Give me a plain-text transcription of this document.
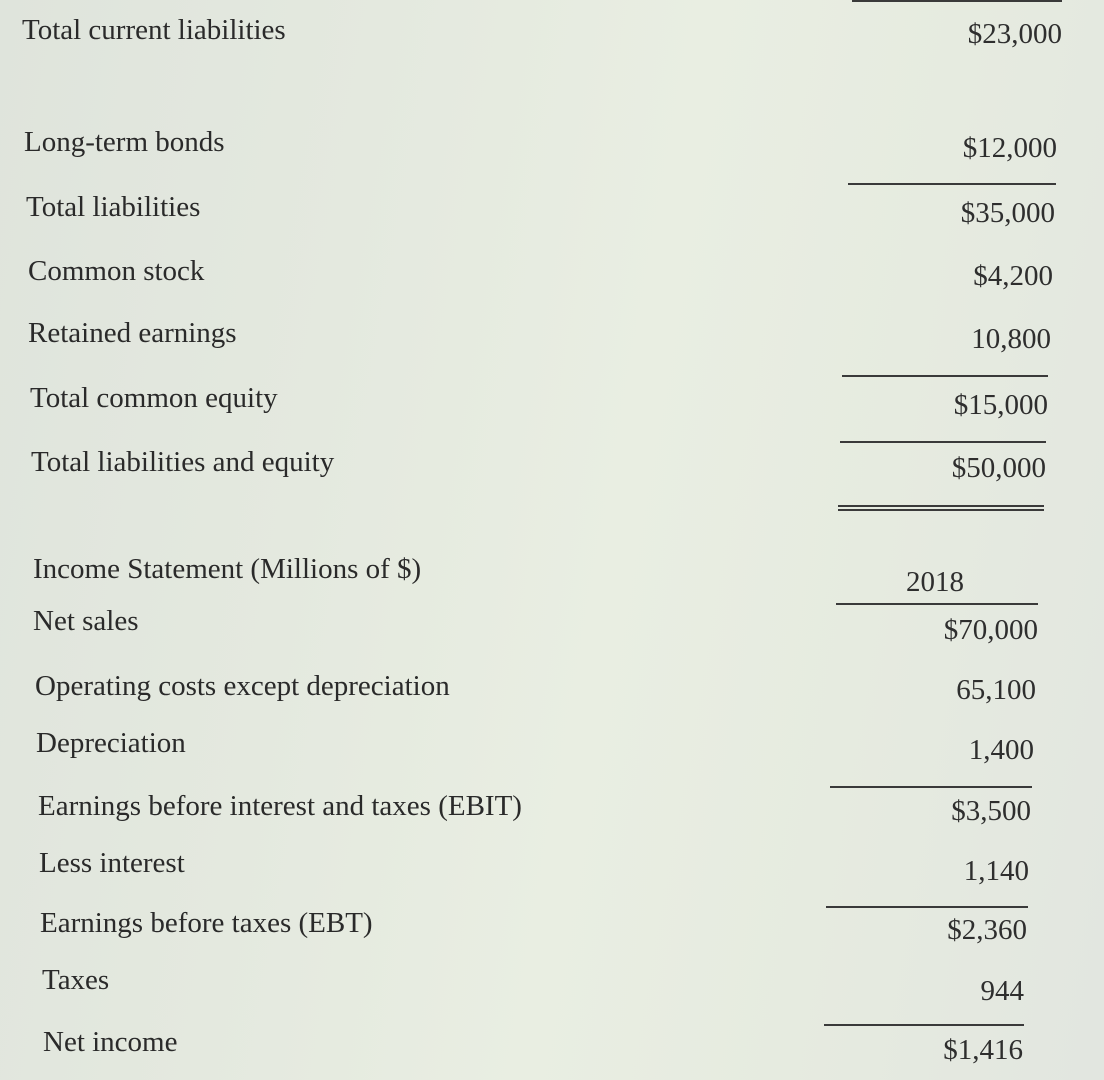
Total current liabilities	$23,000
Long-term bonds	$12,000
Total liabilities	$35,000
Common stock	$4,200
Retained earnings	10,800
Total common equity	$15,000
Total liabilities and equity	$50,000
Income Statement (Millions of $)	2018
Net sales	$70,000
Operating costs except depreciation	65,100
Depreciation	1,400
Earnings before interest and taxes (EBIT)	$3,500
Less interest	1,140
Earnings before taxes (EBT)	$2,360
Taxes	944
Net income	$1,416
